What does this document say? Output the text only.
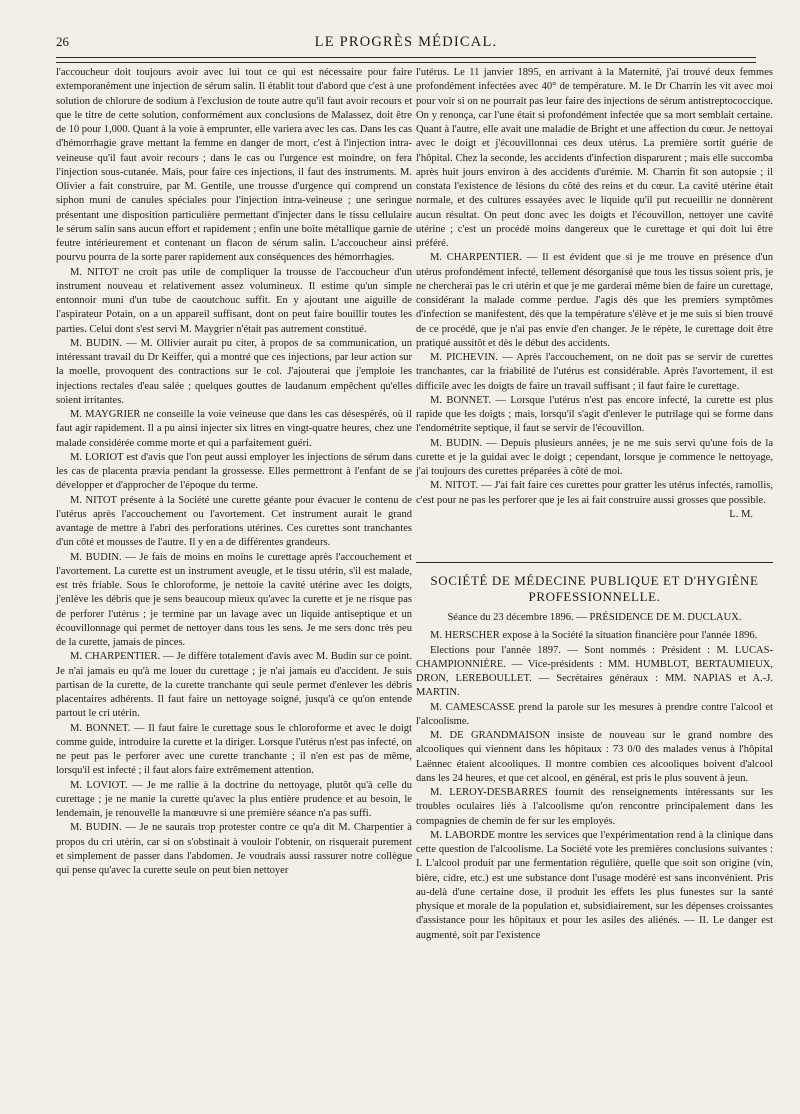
26	LE PROGRÈS MÉDICAL.

l'accoucheur doit toujours avoir avec lui tout ce qui est nécessaire pour faire extemporanément une injection de sérum salin. Il établit tout d'abord que c'est à une solution de chlorure de sodium à l'exclusion de toute autre qu'il faut avoir recours et que le titre de cette solution, conformément aux conclusions de Malassez, doit être de 10 pour 1,000. Quant à la voie à emprunter, elle variera avec les cas. Dans les cas d'hémorrhagie grave mettant la femme en danger de mort, c'est à l'injection intra-veineuse qu'il faut avoir recours ; dans le cas ou l'urgence est moindre, on fera l'injection sous-cutanée. Mais, pour faire ces injections, il faut des instruments. M. Olivier a fait construire, par M. Gentile, une trousse d'urgence qui comprend un siphon muni de canules spéciales pour l'injection intra-veineuse ; une seringue présentant une disposition particulière permettant d'injecter dans le tissu cellulaire le sérum salin sans aucun effort et rapidement ; enfin une boîte métallique garnie de feutre intérieurement et contenant un flacon de sérum salin. L'accoucheur ainsi pourvu pourra de la sorte parer rapidement aux conséquences des hémorrhagies.

M. NITOT ne croit pas utile de compliquer la trousse de l'accoucheur d'un instrument nouveau et relativement assez volumineux. Il estime qu'un simple entonnoir muni d'un tube de caoutchouc suffit. En y ajoutant une aiguille de l'aspirateur Potain, on a un appareil suffisant, dont on peut faire bouillir toutes les parties. Celui dont s'est servi M. Maygrier n'était pas autrement constitué.

M. BUDIN. — M. Ollivier aurait pu citer, à propos de sa communication, un intéressant travail du Dr Keiffer, qui a montré que ces injections, par leur action sur la moelle, provoquent des contractions sur le col. J'ajouterai que j'emploie les injections rectales d'eau salée ; quelques gouttes de laudanum empêchent qu'elles soient irritantes.

M. MAYGRIER ne conseille la voie veineuse que dans les cas désespérés, où il faut agir rapidement. Il a pu ainsi injecter six litres en vingt-quatre heures, chez une malade considérée comme morte et qui a parfaitement guéri.

M. LORIOT est d'avis que l'on peut aussi employer les injections de sérum dans les cas de placenta prævia pendant la grossesse. Elles permettront à l'enfant de se développer et d'approcher de l'époque du terme.

M. NITOT présente à la Société une curette géante pour évacuer le contenu de l'utérus après l'accouchement ou l'avortement. Cet instrument aurait le grand avantage de mettre à l'abri des perforations utérines. Ces curettes sont tranchantes d'un côté et mousses de l'autre. Il y en a de différentes grandeurs.

M. BUDIN. — Je fais de moins en moins le curettage après l'accouchement et l'avortement. La curette est un instrument aveugle, et le tissu utérin, s'il est malade, est très friable. Sous le chloroforme, je nettoie la cavité utérine avec les doigts, j'enlève les débris que je sens beaucoup mieux qu'avec la curette et je ne risque pas de perforer l'utérus ; je termine par un lavage avec un liquide antiseptique et un écouvillonnage qui permet de nettoyer dans tous les sens. Je me sers donc très peu de la curette, jamais de pinces.

M. CHARPENTIER. — Je diffère totalement d'avis avec M. Budin sur ce point. Je n'ai jamais eu qu'à me louer du curettage ; je n'ai jamais eu d'accident. Je suis partisan de la curette, de la curette tranchante qui seule permet d'enlever les débris placentaires adhérents. Il faut faire un nettoyage soigné, jusqu'à ce qu'on entende partout le cri utérin.

M. BONNET. — Il faut faire le curettage sous le chloroforme et avec le doigt comme guide, introduire la curette et la diriger. Lorsque l'utérus n'est pas infecté, on ne peut pas le perforer avec une curette tranchante ; il n'en est pas de même, lorsqu'il est infecté ; il faut alors faire extrêmement attention.

M. LOVIOT. — Je me rallie à la doctrine du nettoyage, plutôt qu'à celle du curettage ; je ne manie la curette qu'avec la plus entière prudence et au besoin, le lendemain, je renouvelle la manœuvre si une première séance n'a pas suffi.

M. BUDIN. — Je ne saurais trop protester contre ce qu'a dit M. Charpentier à propos du cri utérin, car si on s'obstinait à vouloir l'obtenir, on risquerait purement et simplement de passer dans l'abdomen. Je voudrais aussi rassurer notre collègue qui pense qu'avec la curette seule on peut bien nettoyer

l'utérus. Le 11 janvier 1895, en arrivant à la Maternité, j'ai trouvé deux femmes profondément infectées avec 40° de température. M. le Dr Charrin les vit avec moi pour voir si on ne pourrait pas leur faire des injections de sérum antistreptococcique. On y renonça, car l'une était si profondément infectée que sa mort semblait certaine. Quant à l'autre, elle avait une maladie de Bright et une affection du cœur. Je nettoyai avec le doigt et j'écouvillonnai ces deux utérus. La première sortit guérie de l'hôpital. Chez la seconde, les accidents d'infection disparurent ; mais elle succomba après huit jours environ à des accidents d'urémie. M. Charrin fit son autopsie ; il constata l'existence de lésions du côté des reins et du cœur. La cavité utérine était normale, et des cultures essayées avec le liquide qu'il put recueillir ne donnèrent aucun résultat. On peut donc avec les doigts et l'écouvillon, nettoyer une cavité utérine ; c'est un procédé moins dangereux que le curettage et qui doit lui être préféré.

M. CHARPENTIER. — Il est évident que si je me trouve en présence d'un utérus profondément infecté, tellement désorganisé que tous les tissus soient pris, je ne chercherai pas le cri utérin et que je me garderai même bien de faire un curettage, considérant la malade comme perdue. J'agis dès que les premiers symptômes d'infection se manifestent, dès que la température s'élève et je me suis si bien trouvé de ce procédé, que je n'ai pas envie d'en changer. Je le répète, le curettage doit être pratiqué aussitôt et dès le début des accidents.

M. PICHEVIN. — Après l'accouchement, on ne doit pas se servir de curettes tranchantes, car la friabilité de l'utérus est considérable. Après l'avortement, il est difficile avec les doigts de faire un travail suffisant ; il faut faire le curettage.

M. BONNET. — Lorsque l'utérus n'est pas encore infecté, la curette est plus rapide que les doigts ; mais, lorsqu'il s'agit d'enlever le putrilage qui se forme dans l'endométrite septique, il faut se servir de l'écouvillon.

M. BUDIN. — Depuis plusieurs années, je ne me suis servi qu'une fois de la curette et je la guidai avec le doigt ; cependant, lorsque je commence le nettoyage, j'ai toujours des curettes préparées à côté de moi.

M. NITOT. — J'ai fait faire ces curettes pour gratter les utérus infectés, ramollis, c'est pour ne pas les perforer que je les ai fait construire aussi grosses que possible.

L. M.
SOCIÉTÉ DE MÉDECINE PUBLIQUE ET D'HYGIÈNE PROFESSIONNELLE.
Séance du 23 décembre 1896. — PRÉSIDENCE DE M. DUCLAUX.

M. HERSCHER expose à la Société la situation financière pour l'année 1896.

Elections pour l'année 1897. — Sont nommés : Président : M. LUCAS-CHAMPIONNIÈRE. — Vice-présidents : MM. HUMBLOT, BERTAUMIEUX, DRON, LEREBOULLET. — Secrétaires généraux : MM. NAPIAS et A.-J. MARTIN.

M. CAMESCASSE prend la parole sur les mesures à prendre contre l'alcool et l'alcoolisme.

M. DE GRANDMAISON insiste de nouveau sur le grand nombre des alcooliques qui viennent dans les hôpitaux : 73 0/0 des malades venus à l'hôpital Laënnec étaient alcooliques. Il montre combien ces alcooliques boivent d'alcool dans les 24 heures, et que cet alcool, en général, est pris le plus souvent à jeun.

M. LEROY-DESBARRES fournit des renseignements intéressants sur les troubles oculaires liés à l'alcoolisme qu'on rencontre principalement dans les compagnies de chemin de fer sur les employés.

M. LABORDE montre les services que l'expérimentation rend à la clinique dans cette question de l'alcoolisme. La Société vote les premières conclusions suivantes : I. L'alcool produit par une fermentation régulière, quelle que soit son origine (vin, bière, cidre, etc.) est une substance dont l'usage modéré est sans inconvénient. Pris au-delà d'une certaine dose, il produit les effets les plus funestes sur la santé physique et morale de la population et, subsidiairement, sur les dépenses croissantes d'assistance pour les hôpitaux et pour les asiles des aliénés. — II. Le danger est augmenté, soit par l'existence
